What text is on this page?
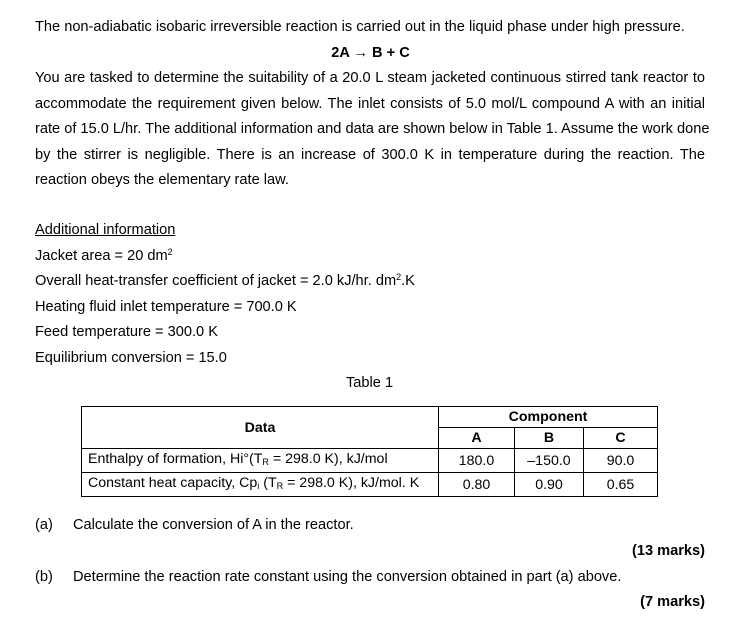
The non-adiabatic isobaric irreversible reaction is carried out in the liquid phase under high pressure.
2A → B + C
You are tasked to determine the suitability of a 20.0 L steam jacketed continuous stirred tank reactor to
accommodate the requirement given below. The inlet consists of 5.0 mol/L compound A with an initial
rate of 15.0 L/hr. The additional information and data are shown below in Table 1. Assume the work done
by the stirrer is negligible. There is an increase of 300.0 K in temperature during the reaction. The
reaction obeys the elementary rate law.
Additional information
Jacket area = 20 $dm^2$
Overall heat-transfer coefficient of jacket = 2.0 kJ/hr. $dm^2.K$
Heating fluid inlet temperature = 700.0 K
Feed temperature = 300.0 K
Equilibrium conversion = 15.0
Table 1
Data	Component		
	A	B	C
Enthalpy of formation, $Hi^\circ(T_R = 298.0$ K), kJ/mol	180.0	–150.0	90.0
Constant heat capacity, $Cp_i$ ($T_R = 298.0$ K), kJ/mol. K	0.80	0.90	0.65
(a) Calculate the conversion of A in the reactor.
(13 marks)
(b) Determine the reaction rate constant using the conversion obtained in part (a) above.
(7 marks)
